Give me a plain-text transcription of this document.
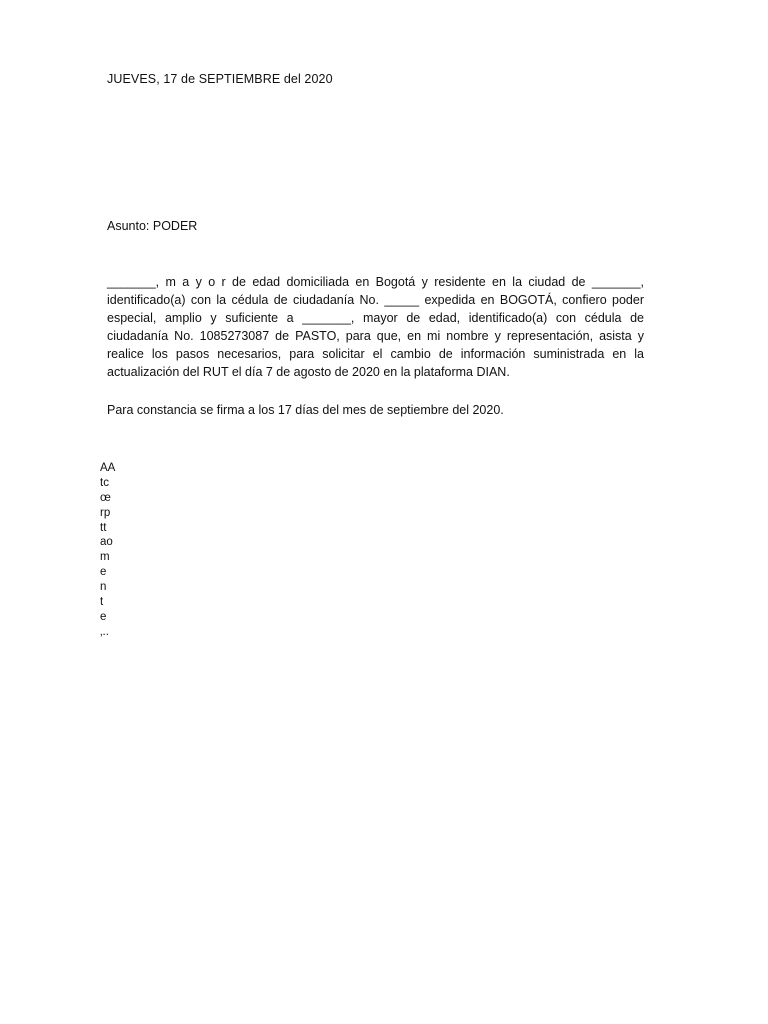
JUEVES, 17 de SEPTIEMBRE del 2020
Asunto: PODER
_______, m a y o r de edad domiciliada en Bogotá y residente en la ciudad de _______, identificado(a) con la cédula de ciudadanía No. _____ expedida en BOGOTÁ, confiero poder especial, amplio y suficiente a _______, mayor de edad, identificado(a) con cédula de ciudadanía No. 1085273087 de PASTO, para que, en mi nombre y representación, asista y realice los pasos necesarios, para solicitar el cambio de información suministrada en la actualización del RUT el día 7 de agosto de 2020 en la plataforma DIAN.
Para constancia se firma a los 17 días del mes de septiembre del 2020.
AA
tc
œ
rp
tt
ao
m
e
n
t
e
‚..
